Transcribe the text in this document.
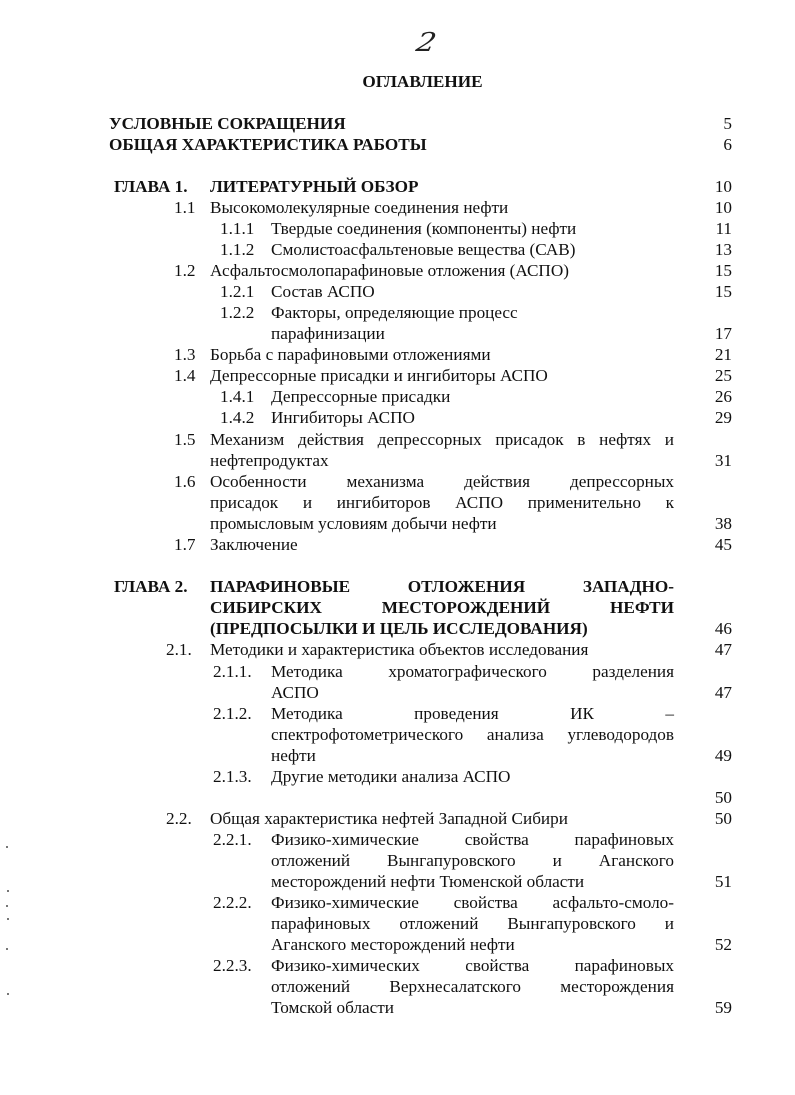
2
ОГЛАВЛЕНИЕ
УСЛОВНЫЕ СОКРАЩЕНИЯ	5
ОБЩАЯ ХАРАКТЕРИСТИКА РАБОТЫ	6
ГЛАВА 1. ЛИТЕРАТУРНЫЙ ОБЗОР	10
1.1 Высокомолекулярные соединения нефти	10
1.1.1 Твердые соединения (компоненты) нефти	11
1.1.2 Смолистоасфальтеновые вещества (САВ)	13
1.2 Асфальтосмолопарафиновые отложения (АСПО)	15
1.2.1 Состав АСПО	15
1.2.2 Факторы, определяющие процесс
парафинизации	17
1.3 Борьба с парафиновыми отложениями	21
1.4 Депрессорные присадки и ингибиторы АСПО	25
1.4.1 Депрессорные присадки	26
1.4.2 Ингибиторы АСПО	29
1.5 Механизм действия депрессорных присадок в нефтях и
нефтепродуктах	31
1.6 Особенности механизма действия депрессорных
присадок и ингибиторов АСПО применительно к
промысловым условиям добычи нефти	38
1.7 Заключение	45
ГЛАВА 2. ПАРАФИНОВЫЕ ОТЛОЖЕНИЯ ЗАПАДНО-
СИБИРСКИХ МЕСТОРОЖДЕНИЙ НЕФТИ
(ПРЕДПОСЫЛКИ И ЦЕЛЬ ИССЛЕДОВАНИЯ)	46
2.1. Методики и характеристика объектов исследования	47
2.1.1. Методика хроматографического разделения
АСПО	47
2.1.2. Методика проведения ИК –
спектрофотометрического анализа углеводородов
нефти	49
2.1.3. Другие методики анализа АСПО
50
2.2. Общая характеристика нефтей Западной Сибири	50
2.2.1. Физико-химические свойства парафиновых
отложений Вынгапуровского и Аганского
месторождений нефти Тюменской области	51
2.2.2. Физико-химические свойства асфальто-смоло-
парафиновых отложений Вынгапуровского и
Аганского месторождений нефти	52
2.2.3. Физико-химических свойства парафиновых
отложений Верхнесалатского месторождения
Томской области	59
